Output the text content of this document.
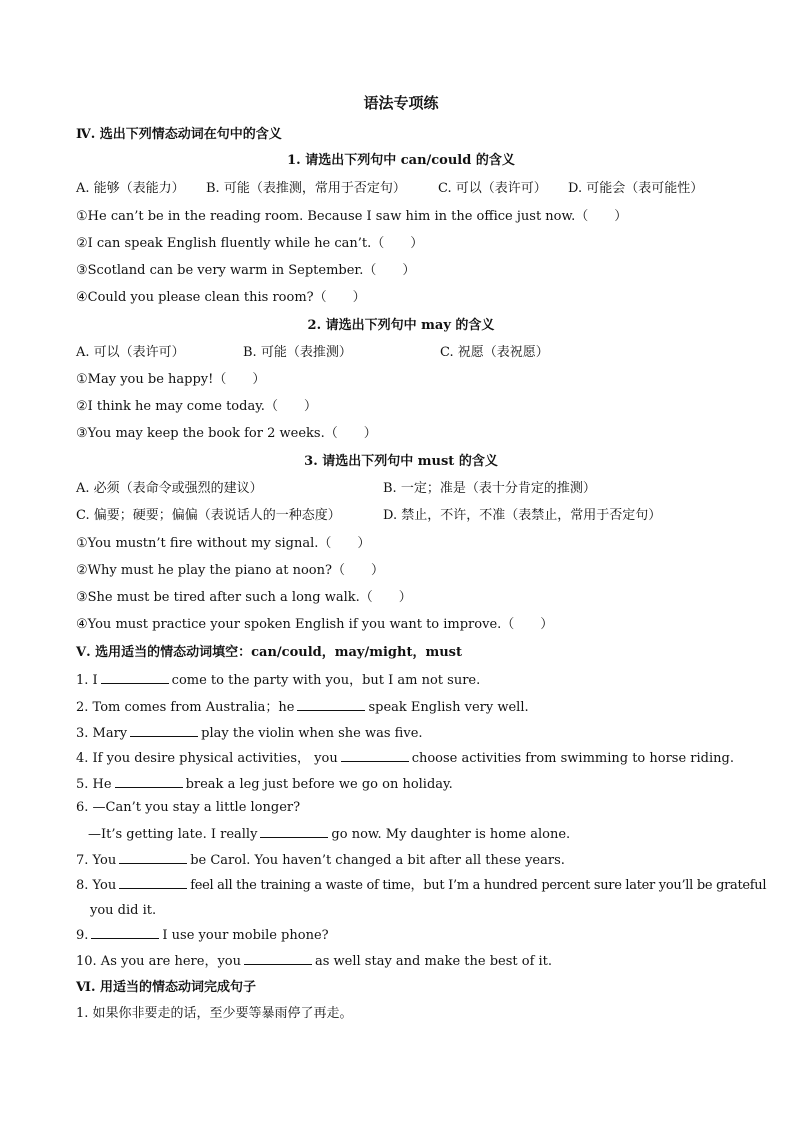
语法专项练
Ⅳ. 选出下列情态动词在句中的含义
1. 请选出下列句中 can/could 的含义
A. 能够（表能力） B. 可能（表推测，常用于否定句） C. 可以（表许可） D. 可能会（表可能性）
①He can’t be in the reading room. Because I saw him in the office just now.（　　）
②I can speak English fluently while he can’t.（　　）
③Scotland can be very warm in September.（　　）
④Could you please clean this room?（　　）
2. 请选出下列句中 may 的含义
A. 可以（表许可）	B. 可能（表推测）	C. 祝愿（表祝愿）
①May you be happy!（　　）
②I think he may come today.（　　）
③You may keep the book for 2 weeks.（　　）
3. 请选出下列句中 must 的含义
A. 必须（表命令或强烈的建议）	B. 一定；准是（表十分肯定的推测）
C. 偏要；硬要；偏偏（表说话人的一种态度）	D. 禁止，不许，不准（表禁止，常用于否定句）
①You mustn’t fire without my signal.（　　）
②Why must he play the piano at noon?（　　）
③She must be tired after such a long walk.（　　）
④You must practice your spoken English if you want to improve.（　　）
Ⅴ. 选用适当的情态动词填空：can/could，may/might，must
1. I	come to the party with you，but I am not sure.
2. Tom comes from Australia；he	speak English very well.
3. Mary	play the violin when she was five.
4. If you desire physical activities， you	choose activities from swimming to horse riding.
5. He	break a leg just before we go on holiday.
6. —Can’t you stay a little longer?
—It’s getting late. I really	go now. My daughter is home alone.
7. You	be Carol. You haven’t changed a bit after all these years.
8. You	feel all the training a waste of time，but I’m a hundred percent sure later you’ll be grateful
you did it.
9.	I use your mobile phone?
10. As you are here，you	as well stay and make the best of it.
Ⅵ. 用适当的情态动词完成句子
1. 如果你非要走的话，至少要等暴雨停了再走。
